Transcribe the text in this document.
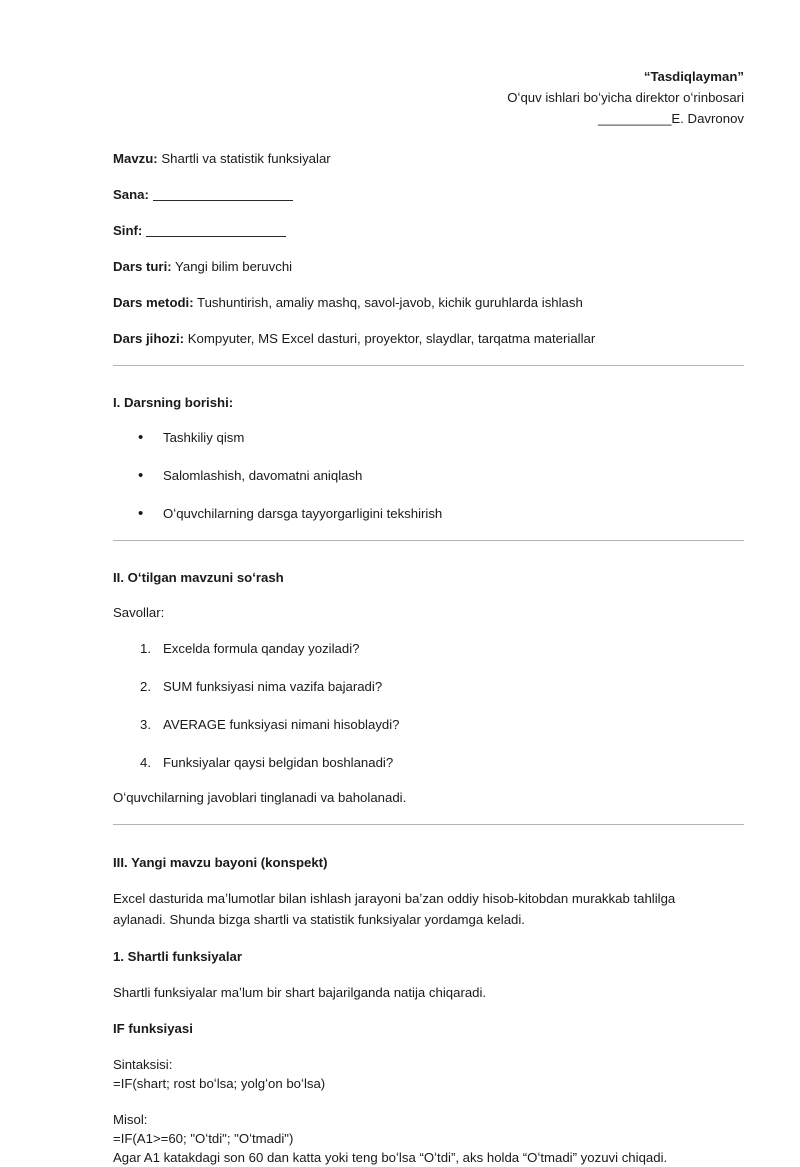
“Tasdiqlayman”
Oʻquv ishlari boʻyicha direktor oʻrinbosari
__________E. Davronov

Mavzu: Shartli va statistik funksiyalar

Sana:

Sinf:

Dars turi: Yangi bilim beruvchi

Dars metodi: Tushuntirish, amaliy mashq, savol-javob, kichik guruhlarda ishlash

Dars jihozi: Kompyuter, MS Excel dasturi, proyektor, slaydlar, tarqatma materiallar

I. Darsning borishi:

•	Tashkiliy qism
•	Salomlashish, davomatni aniqlash
•	Oʻquvchilarning darsga tayyorgarligini tekshirish

II. Oʻtilgan mavzuni soʻrash

Savollar:

1. Excelda formula qanday yoziladi?
2. SUM funksiyasi nima vazifa bajaradi?
3. AVERAGE funksiyasi nimani hisoblaydi?
4. Funksiyalar qaysi belgidan boshlanadi?

Oʻquvchilarning javoblari tinglanadi va baholanadi.

III. Yangi mavzu bayoni (konspekt)

Excel dasturida maʼlumotlar bilan ishlash jarayoni baʼzan oddiy hisob-kitobdan murakkab tahlilga aylanadi. Shunda bizga shartli va statistik funksiyalar yordamga keladi.

1. Shartli funksiyalar

Shartli funksiyalar maʼlum bir shart bajarilganda natija chiqaradi.

IF funksiyasi

Sintaksisi:
=IF(shart; rost boʻlsa; yolgʻon boʻlsa)
Misol:
=IF(A1>=60; "Oʻtdi"; "Oʻtmadi")
Agar A1 katakdagi son 60 dan katta yoki teng boʻlsa “Oʻtdi”, aks holda “Oʻtmadi” yozuvi chiqadi.
